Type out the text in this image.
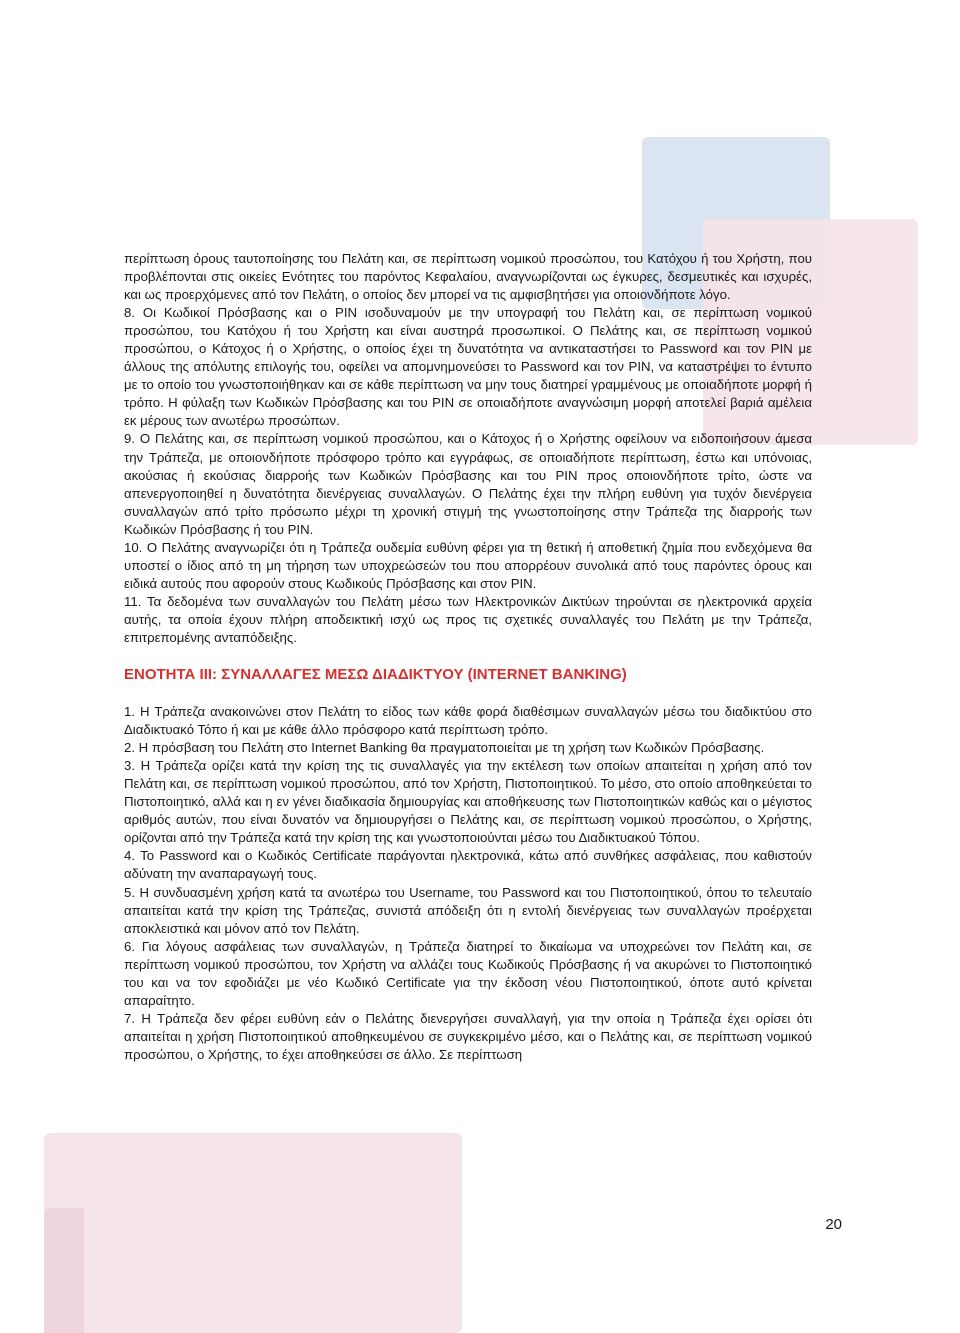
περίπτωση όρους ταυτοποίησης του Πελάτη και, σε περίπτωση νομικού προσώπου, του Κατόχου ή του Χρήστη, που προβλέπονται στις οικείες Ενότητες του παρόντος Κεφαλαίου, αναγνωρίζονται ως έγκυρες, δεσμευτικές και ισχυρές, και ως προερχόμενες από τον Πελάτη, ο οποίος δεν μπορεί να τις αμφισβητήσει για οποιονδήποτε λόγο.

8. Οι Κωδικοί Πρόσβασης και ο PIN ισοδυναμούν με την υπογραφή του Πελάτη και, σε περίπτωση νομικού προσώπου, του Κατόχου ή του Χρήστη και είναι αυστηρά προσωπικοί. Ο Πελάτης και, σε περίπτωση νομικού προσώπου, ο Κάτοχος ή ο Χρήστης, ο οποίος έχει τη δυνατότητα να αντικαταστήσει το Password και τον PIN με άλλους της απόλυτης επιλογής του, οφείλει να απομνημονεύσει το Password και τον PIN, να καταστρέψει το έντυπο με το οποίο του γνωστοποιήθηκαν και σε κάθε περίπτωση να μην τους διατηρεί γραμμένους με οποιαδήποτε μορφή ή τρόπο. Η φύλαξη των Κωδικών Πρόσβασης και του PIN σε οποιαδήποτε αναγνώσιμη μορφή αποτελεί βαριά αμέλεια εκ μέρους των ανωτέρω προσώπων.

9. Ο Πελάτης και, σε περίπτωση νομικού προσώπου, και ο Κάτοχος ή ο Χρήστης οφείλουν να ειδοποιήσουν άμεσα την Τράπεζα, με οποιονδήποτε πρόσφορο τρόπο και εγγράφως, σε οποιαδήποτε περίπτωση, έστω και υπόνοιας, ακούσιας ή εκούσιας διαρροής των Κωδικών Πρόσβασης και του PIN προς οποιονδήποτε τρίτο, ώστε να απενεργοποιηθεί η δυνατότητα διενέργειας συναλλαγών. Ο Πελάτης έχει την πλήρη ευθύνη για τυχόν διενέργεια συναλλαγών από τρίτο πρόσωπο μέχρι τη χρονική στιγμή της γνωστοποίησης στην Τράπεζα της διαρροής των Κωδικών Πρόσβασης ή του PIN.

10. Ο Πελάτης αναγνωρίζει ότι η Τράπεζα ουδεμία ευθύνη φέρει για τη θετική ή αποθετική ζημία που ενδεχόμενα θα υποστεί ο ίδιος από τη μη τήρηση των υποχρεώσεών του που απορρέουν συνολικά από τους παρόντες όρους και ειδικά αυτούς που αφορούν στους Κωδικούς Πρόσβασης και στον PIN.

11. Τα δεδομένα των συναλλαγών του Πελάτη μέσω των Ηλεκτρονικών Δικτύων τηρούνται σε ηλεκτρονικά αρχεία αυτής, τα οποία έχουν πλήρη αποδεικτική ισχύ ως προς τις σχετικές συναλλαγές του Πελάτη με την Τράπεζα, επιτρεπομένης ανταπόδειξης.

ΕΝΟΤΗΤΑ III: ΣΥΝΑΛΛΑΓΕΣ ΜΕΣΩ ΔΙΑΔΙΚΤΥΟΥ (INTERNET BANKING)

1. Η Τράπεζα ανακοινώνει στον Πελάτη το είδος των κάθε φορά διαθέσιμων συναλλαγών μέσω του διαδικτύου στο Διαδικτυακό Τόπο ή και με κάθε άλλο πρόσφορο κατά περίπτωση τρόπο.

2. Η πρόσβαση του Πελάτη στο Internet Banking θα πραγματοποιείται με τη χρήση των Κωδικών Πρόσβασης.

3. Η Τράπεζα ορίζει κατά την κρίση της τις συναλλαγές για την εκτέλεση των οποίων απαιτείται η χρήση από τον Πελάτη και, σε περίπτωση νομικού προσώπου, από τον Χρήστη, Πιστοποιητικού. Το μέσο, στο οποίο αποθηκεύεται το Πιστοποιητικό, αλλά και η εν γένει διαδικασία δημιουργίας και αποθήκευσης των Πιστοποιητικών καθώς και ο μέγιστος αριθμός αυτών, που είναι δυνατόν να δημιουργήσει ο Πελάτης και, σε περίπτωση νομικού προσώπου, ο Χρήστης, ορίζονται από την Τράπεζα κατά την κρίση της και γνωστοποιούνται μέσω του Διαδικτυακού Τόπου.

4. Το Password και ο Κωδικός Certificate παράγονται ηλεκτρονικά, κάτω από συνθήκες ασφάλειας, που καθιστούν αδύνατη την αναπαραγωγή τους.

5. Η συνδυασμένη χρήση κατά τα ανωτέρω του Username, του Password και του Πιστοποιητικού, όπου το τελευταίο απαιτείται κατά την κρίση της Τράπεζας, συνιστά απόδειξη ότι η εντολή διενέργειας των συναλλαγών προέρχεται αποκλειστικά και μόνον από τον Πελάτη.

6. Για λόγους ασφάλειας των συναλλαγών, η Τράπεζα διατηρεί το δικαίωμα να υποχρεώνει τον Πελάτη και, σε περίπτωση νομικού προσώπου, τον Χρήστη να αλλάζει τους Κωδικούς Πρόσβασης ή να ακυρώνει το Πιστοποιητικό του και να τον εφοδιάζει με νέο Κωδικό Certificate για την έκδοση νέου Πιστοποιητικού, όποτε αυτό κρίνεται απαραίτητο.

7. Η Τράπεζα δεν φέρει ευθύνη εάν ο Πελάτης διενεργήσει συναλλαγή, για την οποία η Τράπεζα έχει ορίσει ότι απαιτείται η χρήση Πιστοποιητικού αποθηκευμένου σε συγκεκριμένο μέσο, και ο Πελάτης και, σε περίπτωση νομικού προσώπου, ο Χρήστης, το έχει αποθηκεύσει σε άλλο. Σε περίπτωση

20
